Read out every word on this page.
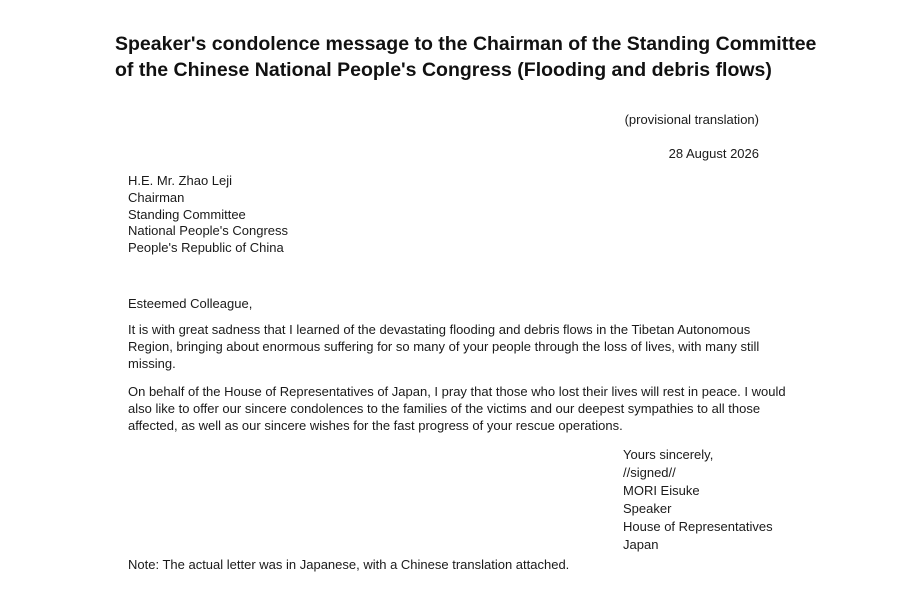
Speaker's condolence message to the Chairman of the Standing Committee
of the Chinese National People's Congress (Flooding and debris flows)
(provisional translation)
28 August 2026
H.E. Mr. Zhao Leji
Chairman
Standing Committee
National People's Congress
People's Republic of China
Esteemed Colleague,

It is with great sadness that I learned of the devastating flooding and debris flows in the Tibetan Autonomous
Region, bringing about enormous suffering for so many of your people through the loss of lives, with many still
missing.

On behalf of the House of Representatives of Japan, I pray that those who lost their lives will rest in peace. I would
also like to offer our sincere condolences to the families of the victims and our deepest sympathies to all those
affected, as well as our sincere wishes for the fast progress of your rescue operations.

Yours sincerely,
//signed//
MORI Eisuke
Speaker
House of Representatives
Japan
Note: The actual letter was in Japanese, with a Chinese translation attached.
